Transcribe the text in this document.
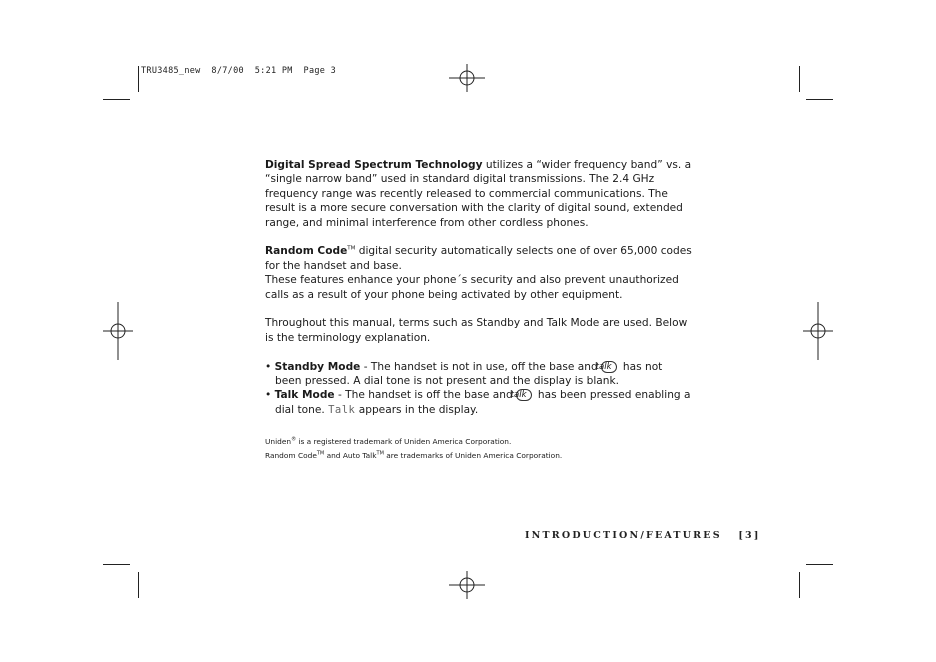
TRU3485_new  8/7/00  5:21 PM  Page 3

Digital Spread Spectrum Technology utilizes a “wider frequency band” vs. a
“single narrow band” used in standard digital transmissions. The 2.4 GHz
frequency range was recently released to commercial communications. The
result is a more secure conversation with the clarity of digital sound, extended
range, and minimal interference from other cordless phones.

Random Code™ digital security automatically selects one of over 65,000 codes
for the handset and base.
These features enhance your phone´s security and also prevent unauthorized
calls as a result of your phone being activated by other equipment.

Throughout this manual, terms such as Standby and Talk Mode are used. Below
is the terminology explanation.

• Standby Mode - The handset is not in use, off the base andtalk has not
been pressed. A dial tone is not present and the display is blank.

• Talk Mode - The handset is off the base andtalk has been pressed enabling a
dial tone. Talk appears in the display.

Uniden® is a registered trademark of Uniden America Corporation.

Random Code™ and Auto Talk™ are trademarks of Uniden America Corporation.

INTRODUCTION/FEATURES [3]
